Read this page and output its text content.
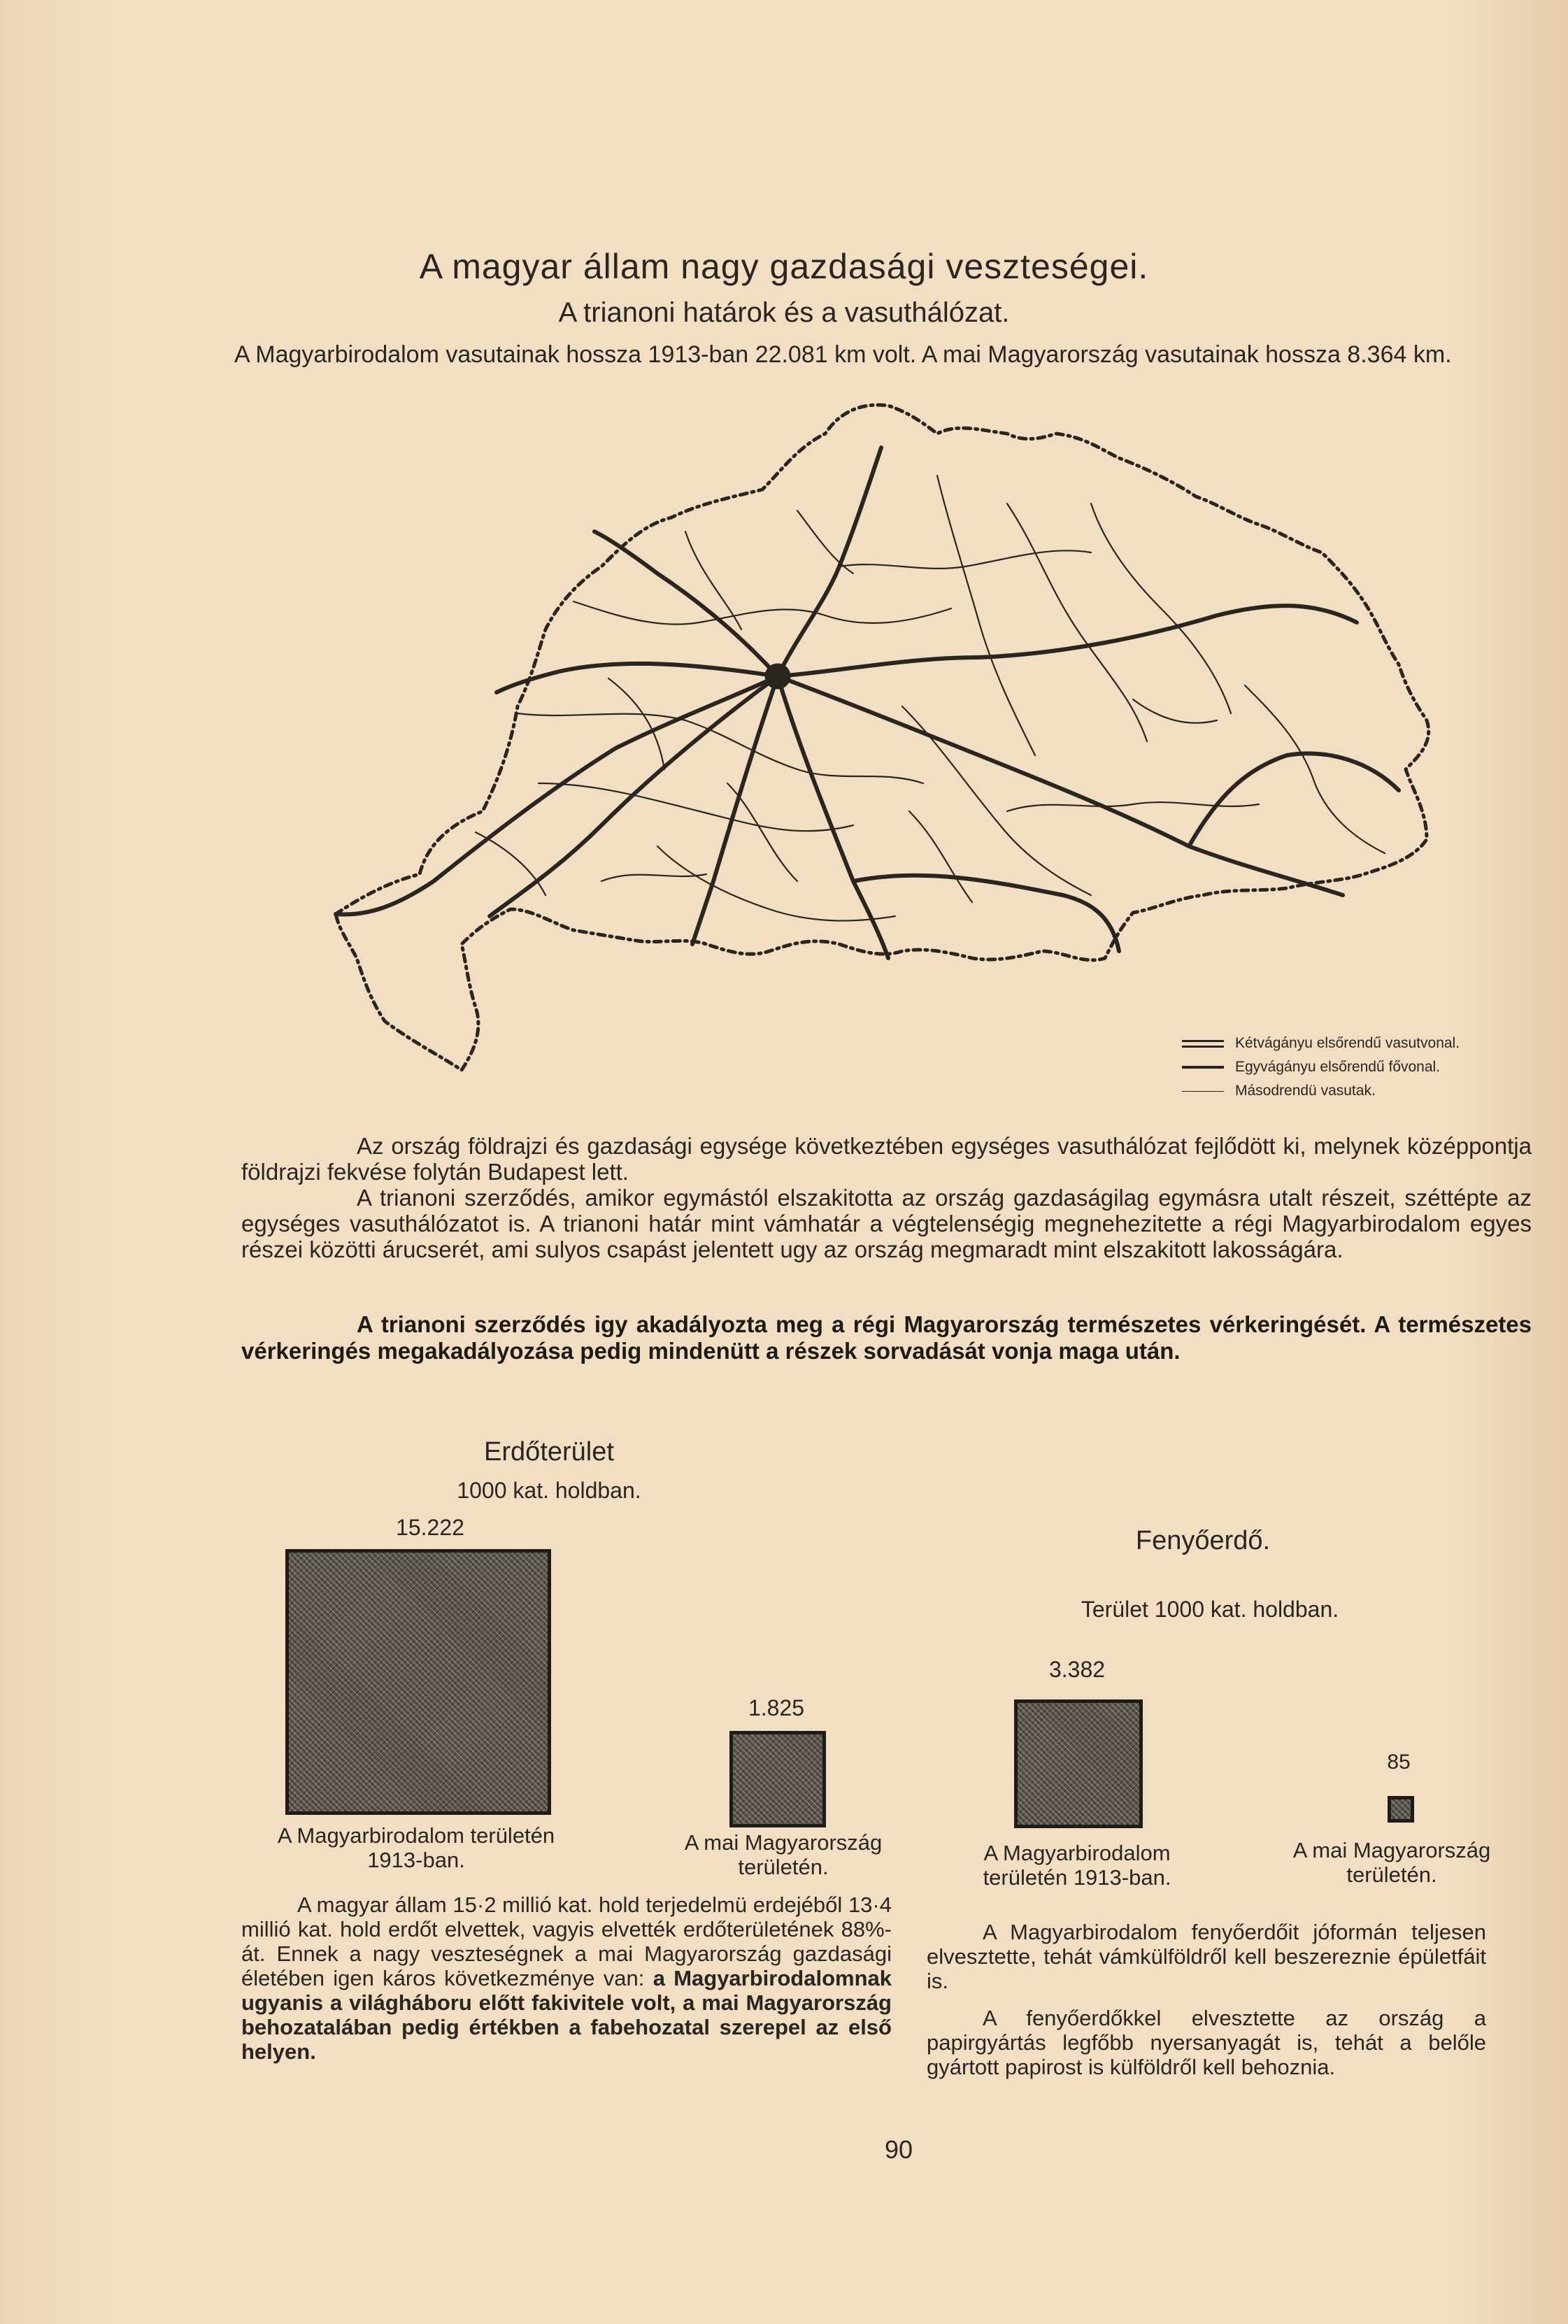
A magyar állam nagy gazdasági veszteségei.
A trianoni határok és a vasuthálózat.
A Magyarbirodalom vasutainak hossza 1913-ban 22.081 km volt. A mai Magyarország vasutainak hossza 8.364 km.
Kétvágányu elsőrendű vasutvonal.
Egyvágányu elsőrendű fővonal.
Másodrendü vasutak.

Az ország földrajzi és gazdasági egysége következtében egységes vasuthálózat fejlődött ki, melynek középpontja földrajzi fekvése folytán Budapest lett.

A trianoni szerződés, amikor egymástól elszakitotta az ország gazdaságilag egymásra utalt részeit, széttépte az egységes vasuthálózatot is. A trianoni határ mint vámhatár a végtelenségig megnehezitette a régi Magyarbirodalom egyes részei közötti árucserét, ami sulyos csapást jelentett ugy az ország megmaradt mint elszakitott lakosságára.

A trianoni szerződés igy akadályozta meg a régi Magyarország természetes vérkeringését. A természetes vérkeringés megakadályozása pedig mindenütt a részek sorvadását vonja maga után.

Erdőterület
1000 kat. holdban.
15.222
1.825
A Magyarbirodalom területén
1913-ban.
A mai Magyarország
területén.

A magyar állam 15·2 millió kat. hold terjedelmü erdejéből 13·4 millió kat. hold erdőt elvettek, vagyis elvették erdőterületének 88%-át. Ennek a nagy veszteségnek a mai Magyarország gazdasági életében igen káros következménye van: a Magyarbirodalomnak ugyanis a világháboru előtt fakivitele volt, a mai Magyarország behozatalában pedig értékben a fabehozatal szerepel az első helyen.

Fenyőerdő.
Terület 1000 kat. holdban.
3.382
85
A Magyarbirodalom
területén 1913-ban.
A mai Magyarország
területén.

A Magyarbirodalom fenyőerdőit jóformán teljesen elvesztette, tehát vámkülföldről kell beszereznie épületfáit is.

A fenyőerdőkkel elvesztette az ország a papirgyártás legfőbb nyersanyagát is, tehát a belőle gyártott papirost is külföldről kell behoznia.

90
